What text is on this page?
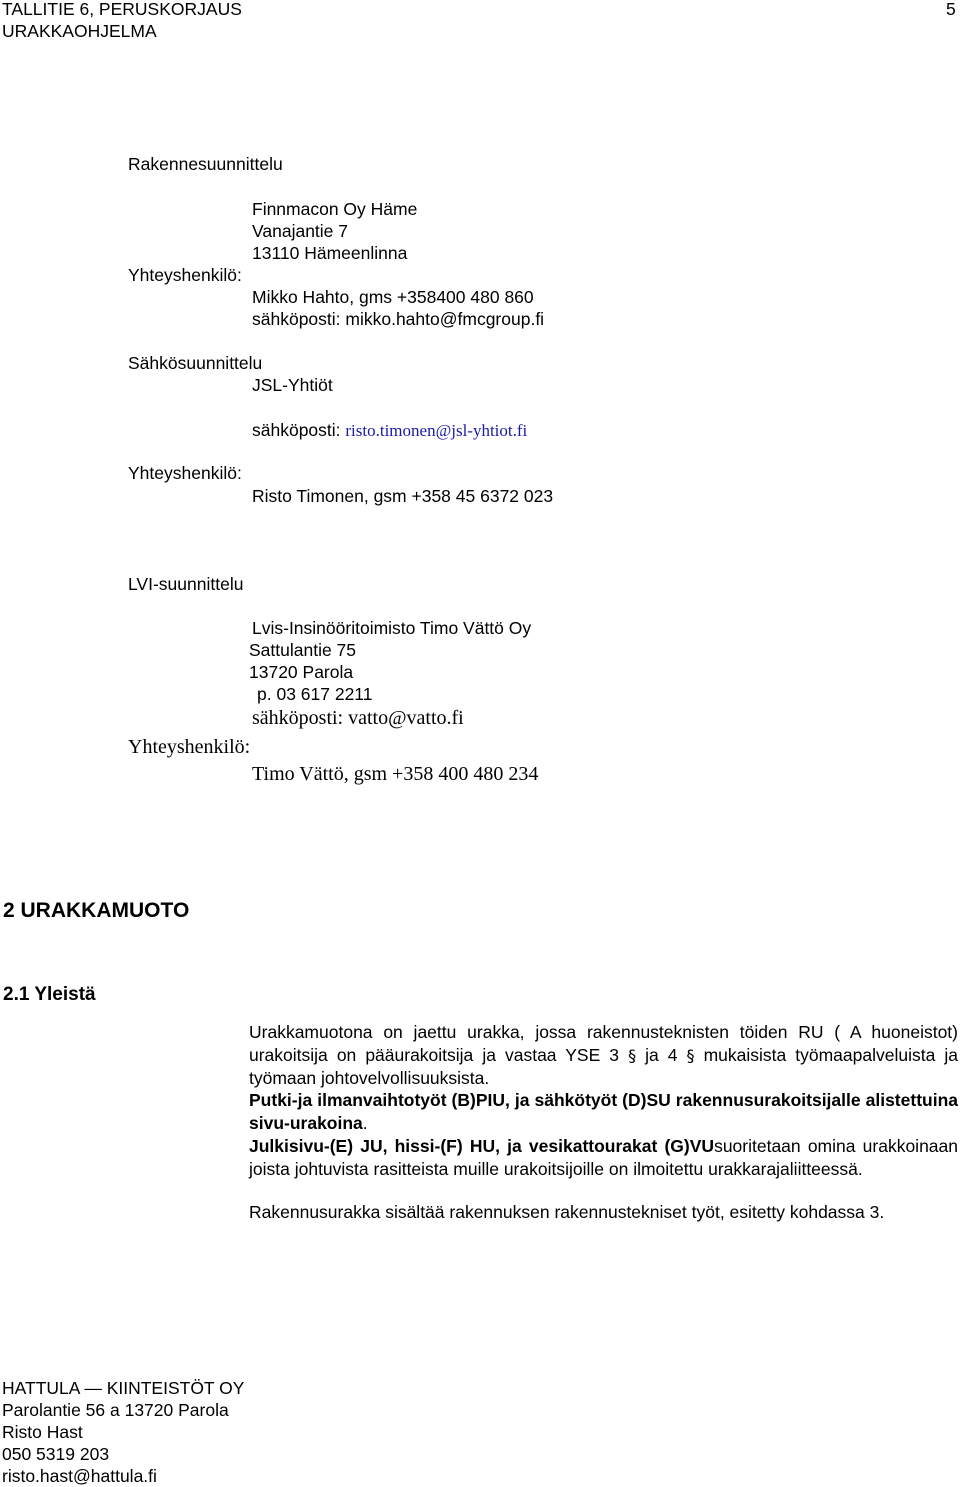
TALLITIE 6, PERUSKORJAUS
URAKKAOHJELMA
5
Rakennesuunnittelu
Finnmacon Oy Häme
Vanajantie 7
13110 Hämeenlinna
Yhteyshenkilö:
Mikko Hahto, gms +358400 480 860
sähköposti: mikko.hahto@fmcgroup.fi
Sähkösuunnittelu
JSL-Yhtiöt
sähköposti: risto.timonen@jsl-yhtiot.fi
Yhteyshenkilö:
Risto Timonen, gsm +358 45 6372 023
LVI-suunnittelu
Lvis-Insinööritoimisto Timo Vättö Oy
Sattulantie 75
13720 Parola
p. 03 617 2211
sähköposti: vatto@vatto.fi
Yhteyshenkilö:
Timo Vättö, gsm +358 400 480 234
2 URAKKAMUOTO
2.1 Yleistä
Urakkamuotona on jaettu urakka, jossa rakennusteknisten töiden RU ( A huoneistot) urakoitsija on pääurakoitsija ja vastaa YSE 3 § ja 4 § mukaisista työmaapalveluista ja työmaan johtovelvollisuuksista.
Putki-ja ilmanvaihtotyöt (B)PIU, ja sähkötyöt (D)SU rakennusurakoitsijalle alistettuina sivu-urakoina.
Julkisivu-(E) JU, hissi-(F) HU, ja vesikattourakat (G)VUsuoritetaan omina urakkoinaan joista johtuvista rasitteista muille urakoitsijoille on ilmoitettu urakkarajaliitteessä.
Rakennusurakka sisältää rakennuksen rakennustekniset työt, esitetty kohdassa 3.
HATTULA — KIINTEISTÖT OY
Parolantie 56 a 13720 Parola
Risto Hast
050 5319 203
risto.hast@hattula.fi
